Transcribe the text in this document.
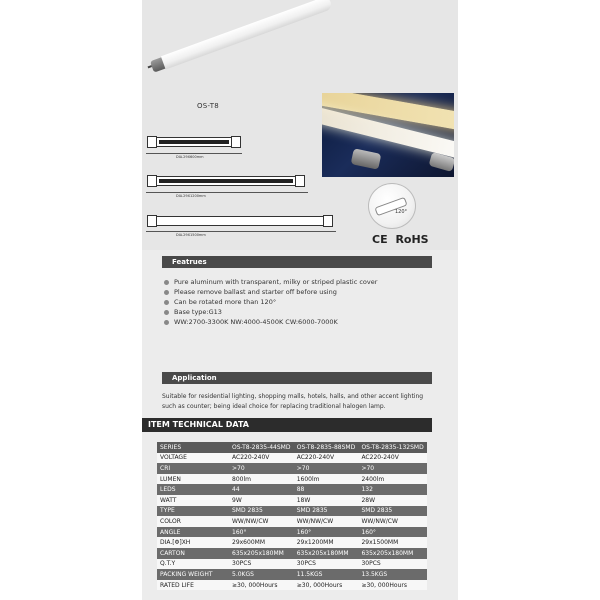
OS-T8
DIA.29X600mm
DIA.29X1200mm
DIA.29X1500mm
120°
CE RoHS
Featrues
Pure aluminum with transparent, milky or striped plastic cover
Please remove ballast and starter off before using
Can be rotated more than 120°
Base type:G13
WW:2700-3300K NW:4000-4500K CW:6000-7000K
Application
Suitable for residential lighting, shopping malls, hotels, halls, and other accent lighting such as counter; being ideal choice for replacing traditional halogen lamp.
ITEM TECHNICAL DATA
SERIES	OS-T8-2835-44SMD	OS-T8-2835-88SMD	OS-T8-2835-132SMD
VOLTAGE	AC220-240V	AC220-240V	AC220-240V
CRI	>70	>70	>70
LUMEN	800lm	1600lm	2400lm
LEDS	44	88	132
WATT	9W	18W	28W
TYPE	SMD 2835	SMD 2835	SMD 2835
COLOR	WW/NW/CW	WW/NW/CW	WW/NW/CW
ANGLE	160°	160°	160°
DIA.[Φ]XH	29x600MM	29x1200MM	29x1500MM
CARTON	635x205x180MM	635x205x180MM	635x205x180MM
Q.T.Y	30PCS	30PCS	30PCS
PACKING WEIGHT	5.0KGS	11.5KGS	13.5KGS
RATED LIFE	≥30, 000Hours	≥30, 000Hours	≥30, 000Hours
